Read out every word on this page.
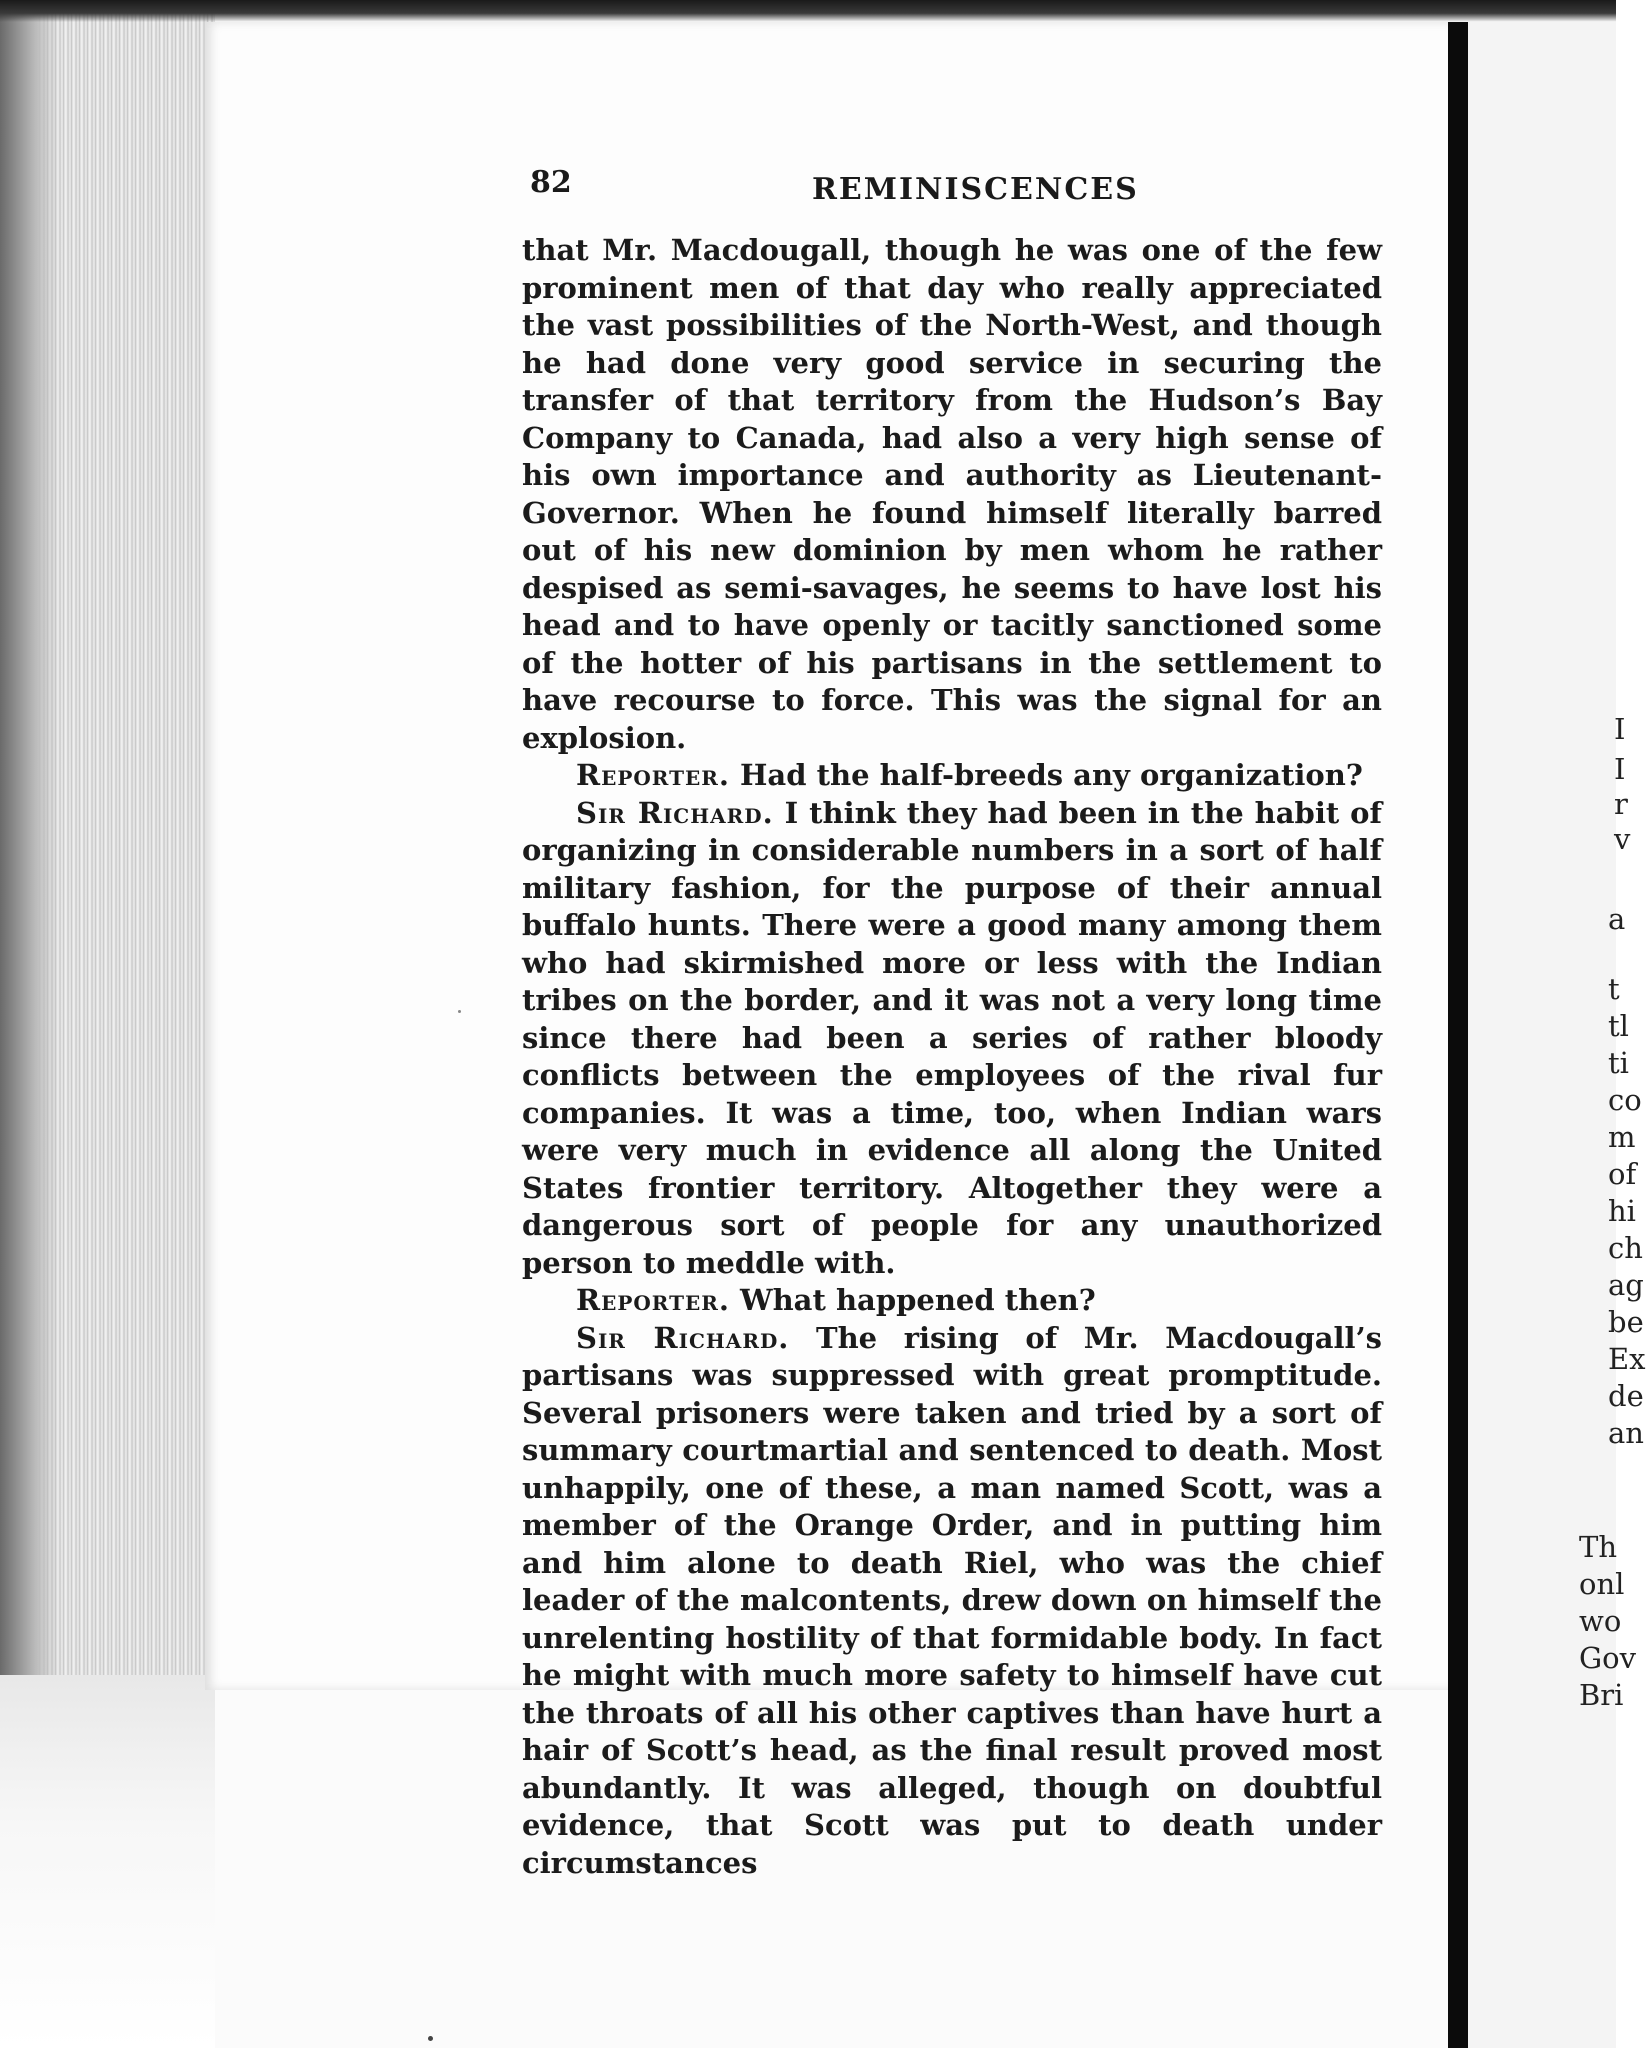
82	REMINISCENCES

that Mr. Macdougall, though he was one of the few prominent men of that day who really appreciated the vast possibilities of the North-West, and though he had done very good service in securing the transfer of that territory from the Hudson’s Bay Company to Canada, had also a very high sense of his own importance and authority as Lieutenant-Governor. When he found himself literally barred out of his new dominion by men whom he rather despised as semi-savages, he seems to have lost his head and to have openly or tacitly sanctioned some of the hotter of his partisans in the settlement to have recourse to force. This was the signal for an explosion.

Reporter. Had the half-breeds any organization?

Sir Richard. I think they had been in the habit of organizing in considerable numbers in a sort of half military fashion, for the purpose of their annual buffalo hunts. There were a good many among them who had skirmished more or less with the Indian tribes on the border, and it was not a very long time since there had been a series of rather bloody conflicts between the employees of the rival fur companies. It was a time, too, when Indian wars were very much in evidence all along the United States frontier territory. Altogether they were a dangerous sort of people for any unauthorized person to meddle with.

Reporter. What happened then?

Sir Richard. The rising of Mr. Macdougall’s partisans was suppressed with great promptitude. Several prisoners were taken and tried by a sort of summary courtmartial and sentenced to death. Most unhappily, one of these, a man named Scott, was a member of the Orange Order, and in putting him and him alone to death Riel, who was the chief leader of the malcontents, drew down on himself the unrelenting hostility of that formidable body. In fact he might with much more safety to himself have cut the throats of all his other captives than have hurt a hair of Scott’s head, as the final result proved most abundantly. It was alleged, though on doubtful evidence, that Scott was put to death under circumstances

I
I
r
v
a
t
tl
ti
co
m
of
hi
ch
ag
be
Ex
de
an
Th
onl
wo
Gov
Bri
